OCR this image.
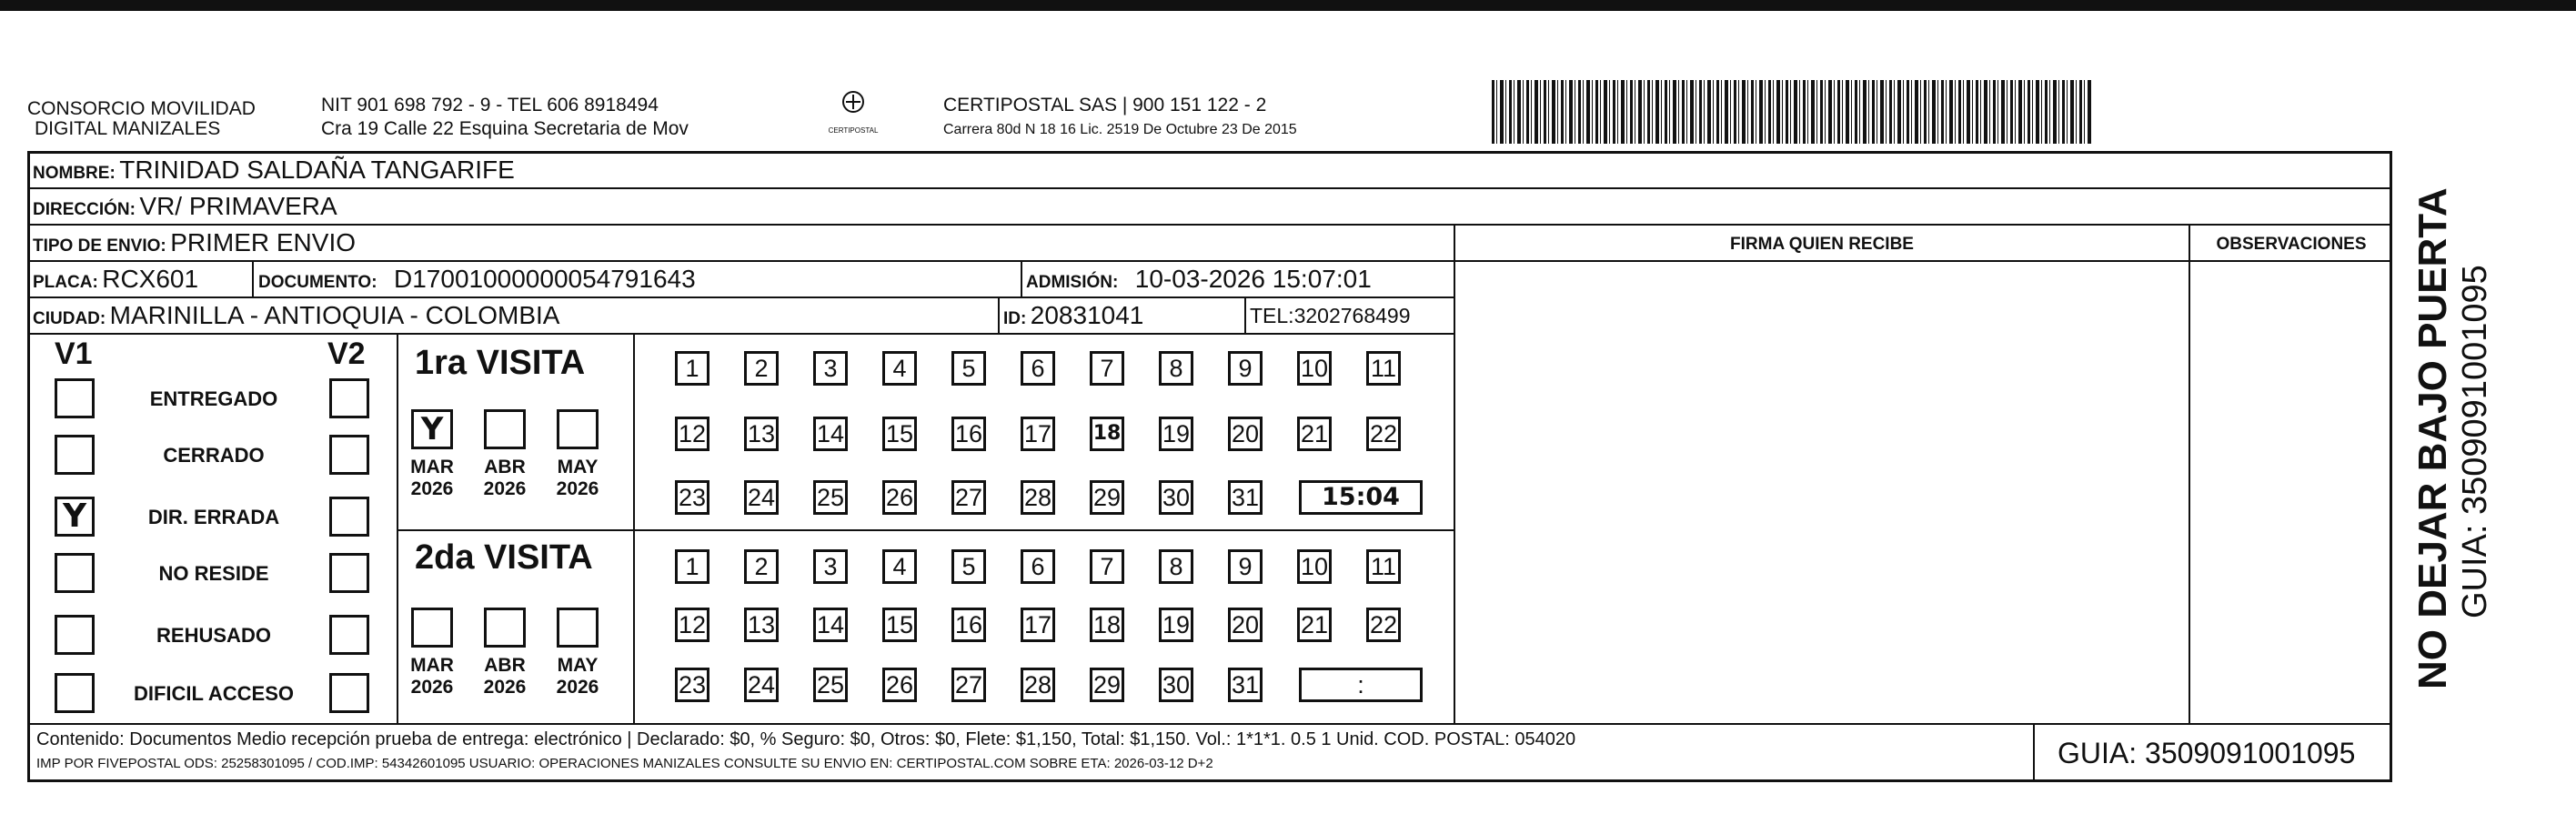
CONSORCIO MOVILIDAD
DIGITAL MANIZALES
NIT 901 698 792 - 9 - TEL 606 8918494
Cra 19 Calle 22 Esquina Secretaria de Mov	CERTIPOSTAL
CERTIPOSTAL SAS | 900 151 122 - 2
Carrera 80d N 18 16 Lic. 2519 De Octubre 23 De 2015
NOMBRE: TRINIDAD SALDAÑA TANGARIFE
DIRECCIÓN: VR/ PRIMAVERA
TIPO DE ENVIO: PRIMER ENVIO	FIRMA QUIEN RECIBE	OBSERVACIONES
PLACA: RCX601	DOCUMENTO: D17001000000054791643	ADMISIÓN: 10-03-2026 15:07:01
CIUDAD: MARINILLA - ANTIOQUIA - COLOMBIA	ID: 20831041	TEL:3202768499
V1	V2
ENTREGADO
CERRADO
Y	DIR. ERRADA
NO RESIDE
REHUSADO
DIFICIL ACCESO
1ra VISITA
Y
MAR
2026
ABR
2026
MAY
2026
1	2	3	4	5	6	7	8	9	10 11
12 13 14 15 16 17 18 19 20 21 22
23 24 25 26 27 28 29 30 31	15:04
2da VISITA
MAR
2026
ABR
2026
MAY
2026
1	2	3	4	5	6	7	8	9	10 11
12 13 14 15 16 17 18 19 20 21 22
23 24 25 26 27 28 29 30 31	:
Contenido: Documentos Medio recepción prueba de entrega: electrónico | Declarado: $0, % Seguro: $0, Otros: $0, Flete: $1,150, Total: $1,150. Vol.: 1*1*1. 0.5 1 Unid. COD. POSTAL: 054020
IMP POR FIVEPOSTAL ODS: 25258301095 / COD.IMP: 54342601095 USUARIO: OPERACIONES MANIZALES CONSULTE SU ENVIO EN: CERTIPOSTAL.COM SOBRE ETA: 2026-03-12 D+2	GUIA: 3509091001095
NO DEJAR BAJO PUERTA GUIA: 3509091001095
